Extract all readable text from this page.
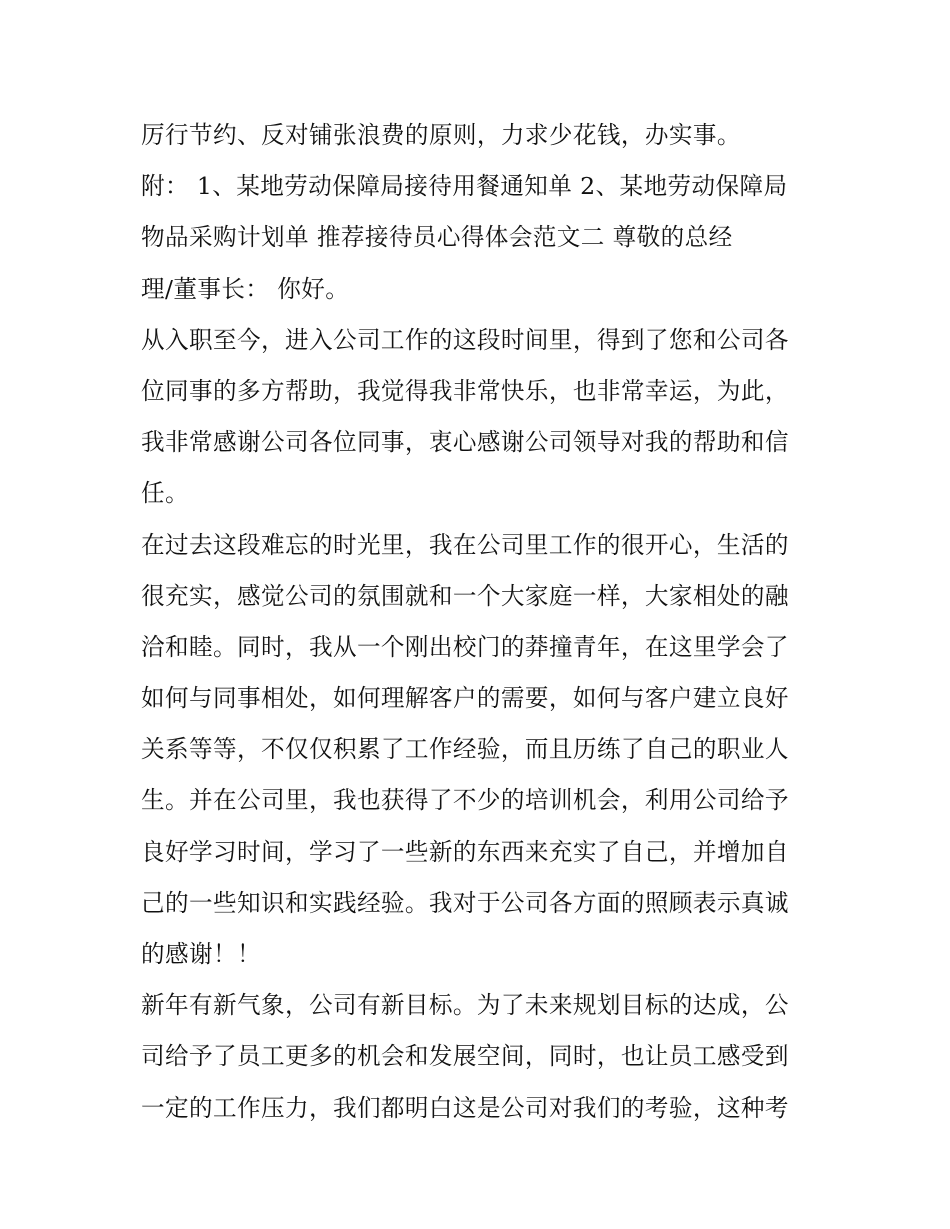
厉行节约、反对铺张浪费的原则，力求少花钱，办实事。
附： 1、某地劳动保障局接待用餐通知单 2、某地劳动保障局
物品采购计划单 推荐接待员心得体会范文二 尊敬的总经
理/董事长： 你好。
从入职至今，进入公司工作的这段时间里，得到了您和公司各
位同事的多方帮助，我觉得我非常快乐，也非常幸运，为此，
我非常感谢公司各位同事，衷心感谢公司领导对我的帮助和信
任。
在过去这段难忘的时光里，我在公司里工作的很开心，生活的
很充实，感觉公司的氛围就和一个大家庭一样，大家相处的融
洽和睦。同时，我从一个刚出校门的莽撞青年，在这里学会了
如何与同事相处，如何理解客户的需要，如何与客户建立良好
关系等等，不仅仅积累了工作经验，而且历练了自己的职业人
生。并在公司里，我也获得了不少的培训机会，利用公司给予
良好学习时间，学习了一些新的东西来充实了自己，并增加自
己的一些知识和实践经验。我对于公司各方面的照顾表示真诚
的感谢！！
新年有新气象，公司有新目标。为了未来规划目标的达成，公
司给予了员工更多的机会和发展空间，同时，也让员工感受到
一定的工作压力，我们都明白这是公司对我们的考验，这种考
